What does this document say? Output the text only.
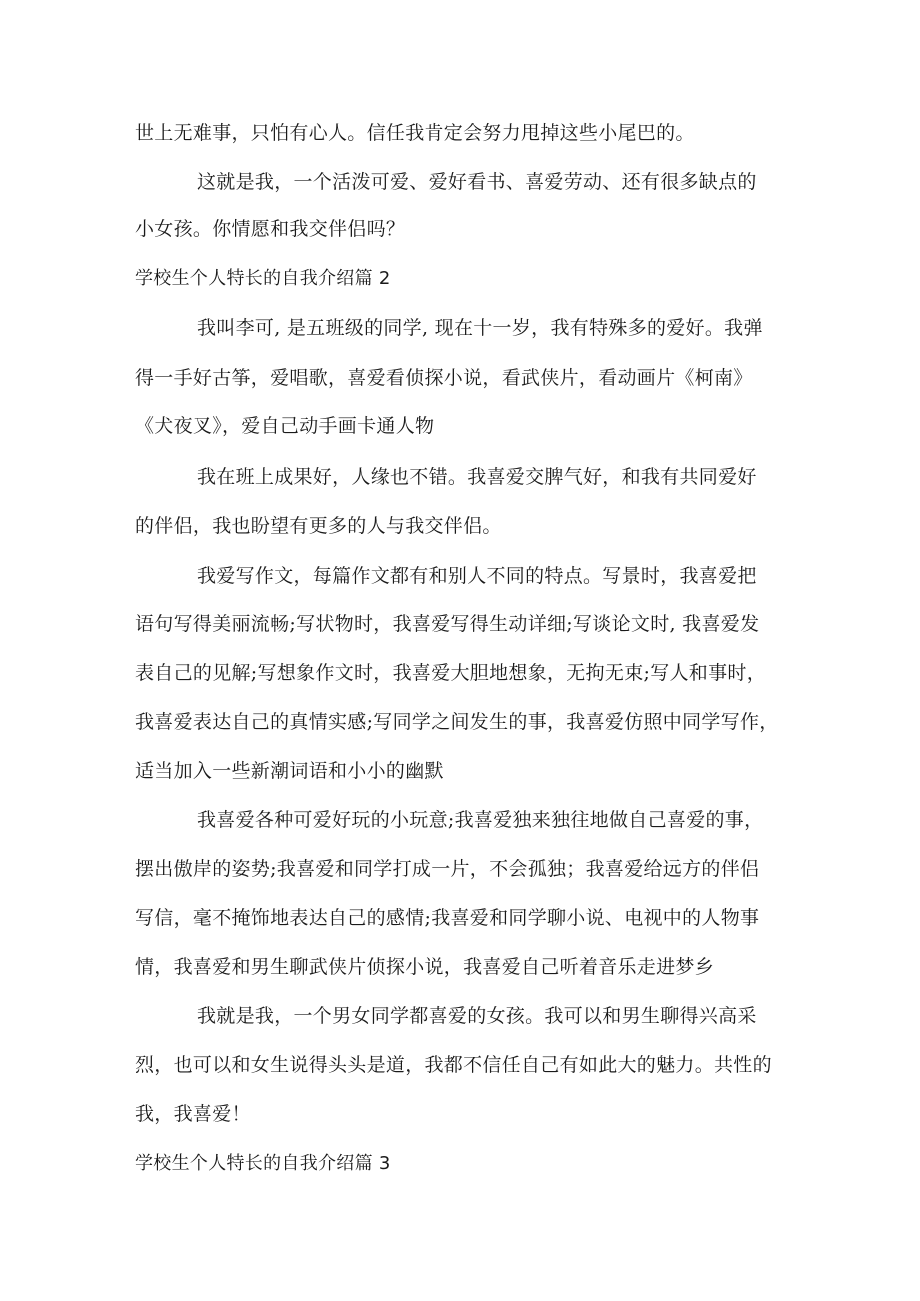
世上无难事，只怕有心人。信任我肯定会努力甩掉这些小尾巴的。
这就是我，一个活泼可爱、爱好看书、喜爱劳动、还有很多缺点的
小女孩。你情愿和我交伴侣吗？
学校生个人特长的自我介绍篇 2
我叫李可, 是五班级的同学, 现在十一岁，我有特殊多的爱好。我弹
得一手好古筝，爱唱歌，喜爱看侦探小说，看武侠片，看动画片《柯南》
《犬夜叉》，爱自己动手画卡通人物
我在班上成果好，人缘也不错。我喜爱交脾气好，和我有共同爱好
的伴侣，我也盼望有更多的人与我交伴侣。
我爱写作文，每篇作文都有和别人不同的特点。写景时，我喜爱把
语句写得美丽流畅;写状物时，我喜爱写得生动详细;写谈论文时, 我喜爱发
表自己的见解;写想象作文时，我喜爱大胆地想象，无拘无束;写人和事时，
我喜爱表达自己的真情实感;写同学之间发生的事，我喜爱仿照中同学写作，
适当加入一些新潮词语和小小的幽默
我喜爱各种可爱好玩的小玩意;我喜爱独来独往地做自己喜爱的事，
摆出傲岸的姿势;我喜爱和同学打成一片，不会孤独；我喜爱给远方的伴侣
写信，毫不掩饰地表达自己的感情;我喜爱和同学聊小说、电视中的人物事
情，我喜爱和男生聊武侠片侦探小说，我喜爱自己听着音乐走进梦乡
我就是我，一个男女同学都喜爱的女孩。我可以和男生聊得兴高采
烈，也可以和女生说得头头是道，我都不信任自己有如此大的魅力。共性的
我，我喜爱！
学校生个人特长的自我介绍篇 3
